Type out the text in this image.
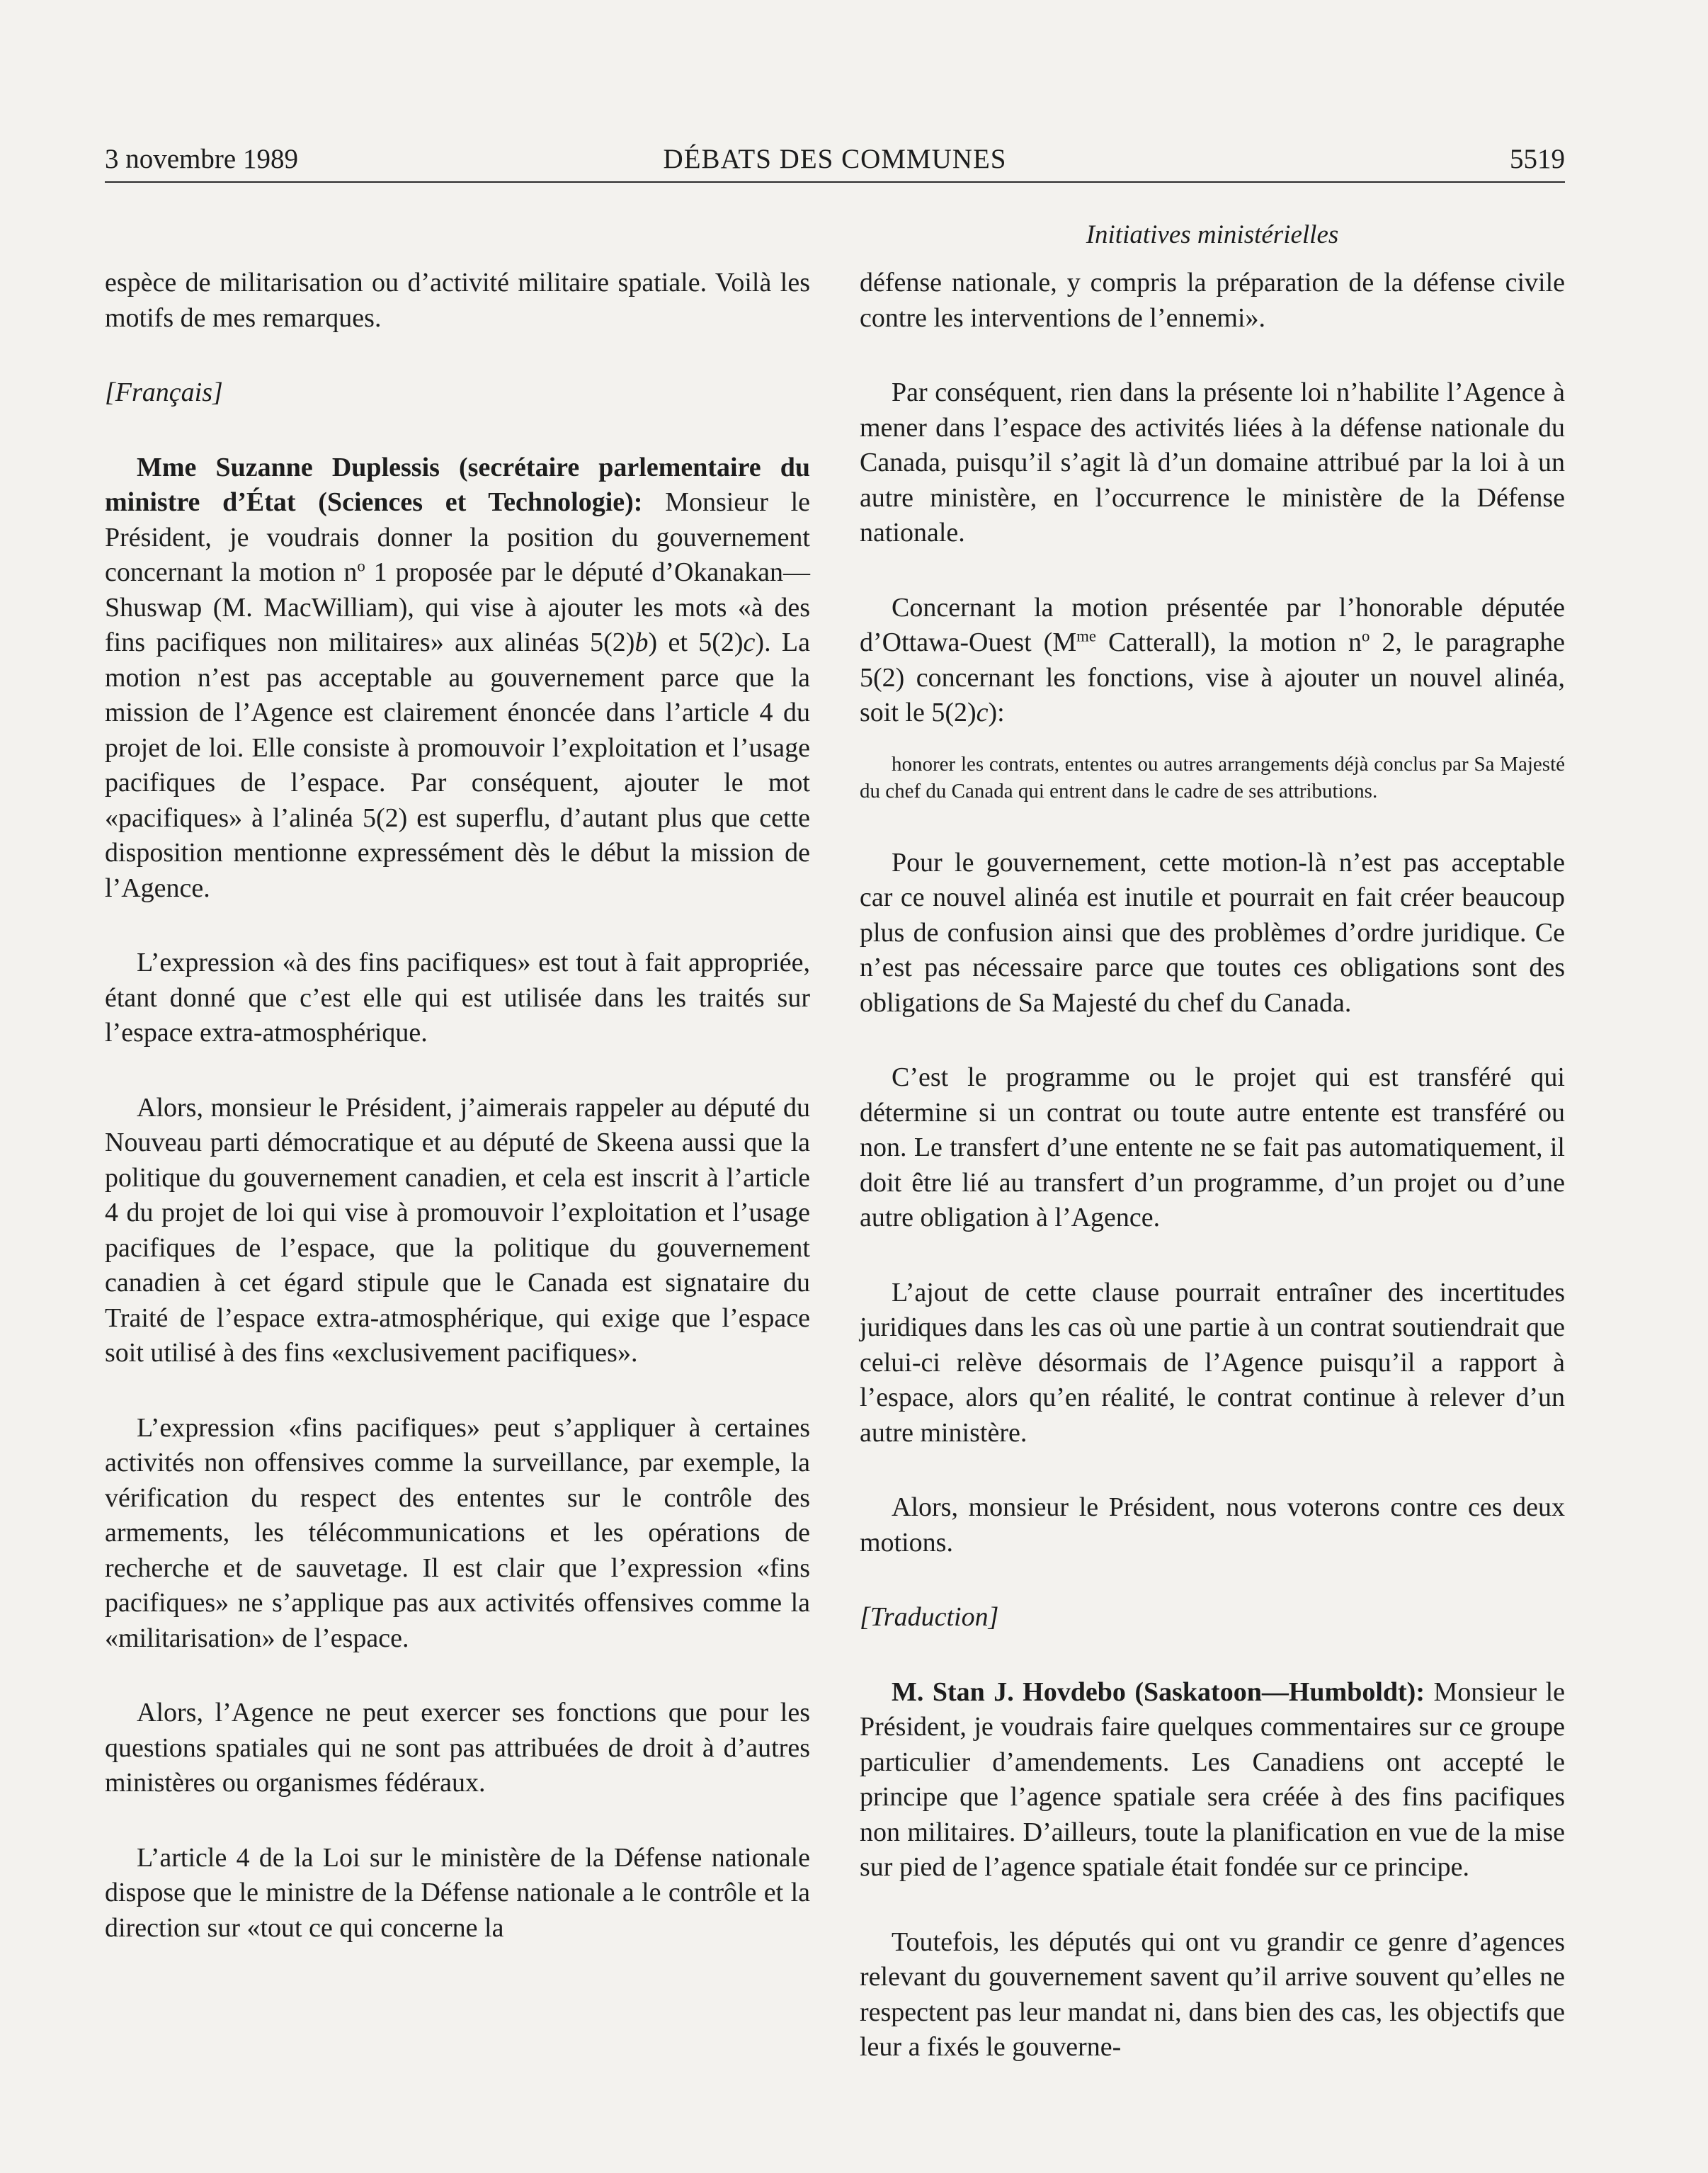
3 novembre 1989	DÉBATS DES COMMUNES	5519
Initiatives ministérielles

espèce de militarisation ou d’activité militaire spatiale. Voilà les motifs de mes remarques.

[Français]

Mme Suzanne Duplessis (secrétaire parlementaire du ministre d’État (Sciences et Technologie): Monsieur le Président, je voudrais donner la position du gouvernement concernant la motion $n^o$ 1 proposée par le député d’Okanakan—Shuswap (M. MacWilliam), qui vise à ajouter les mots «à des fins pacifiques non militaires» aux alinéas 5(2)b) et 5(2)c). La motion n’est pas acceptable au gouvernement parce que la mission de l’Agence est clairement énoncée dans l’article 4 du projet de loi. Elle consiste à promouvoir l’exploitation et l’usage pacifiques de l’espace. Par conséquent, ajouter le mot «pacifiques» à l’alinéa 5(2) est superflu, d’autant plus que cette disposition mentionne expressément dès le début la mission de l’Agence.

L’expression «à des fins pacifiques» est tout à fait appropriée, étant donné que c’est elle qui est utilisée dans les traités sur l’espace extra-atmosphérique.

Alors, monsieur le Président, j’aimerais rappeler au député du Nouveau parti démocratique et au député de Skeena aussi que la politique du gouvernement canadien, et cela est inscrit à l’article 4 du projet de loi qui vise à promouvoir l’exploitation et l’usage pacifiques de l’espace, que la politique du gouvernement canadien à cet égard stipule que le Canada est signataire du Traité de l’espace extra-atmosphérique, qui exige que l’espace soit utilisé à des fins «exclusivement pacifiques».

L’expression «fins pacifiques» peut s’appliquer à certaines activités non offensives comme la surveillance, par exemple, la vérification du respect des ententes sur le contrôle des armements, les télécommunications et les opérations de recherche et de sauvetage. Il est clair que l’expression «fins pacifiques» ne s’applique pas aux activités offensives comme la «militarisation» de l’espace.

Alors, l’Agence ne peut exercer ses fonctions que pour les questions spatiales qui ne sont pas attribuées de droit à d’autres ministères ou organismes fédéraux.

L’article 4 de la Loi sur le ministère de la Défense nationale dispose que le ministre de la Défense nationale a le contrôle et la direction sur «tout ce qui concerne la

défense nationale, y compris la préparation de la défense civile contre les interventions de l’ennemi».

Par conséquent, rien dans la présente loi n’habilite l’Agence à mener dans l’espace des activités liées à la défense nationale du Canada, puisqu’il s’agit là d’un domaine attribué par la loi à un autre ministère, en l’occurrence le ministère de la Défense nationale.

Concernant la motion présentée par l’honorable députée d’Ottawa-Ouest ($M^{me}$ Catterall), la motion $n^o$ 2, le paragraphe 5(2) concernant les fonctions, vise à ajouter un nouvel alinéa, soit le 5(2)c):

honorer les contrats, ententes ou autres arrangements déjà conclus par Sa Majesté du chef du Canada qui entrent dans le cadre de ses attributions.

Pour le gouvernement, cette motion-là n’est pas acceptable car ce nouvel alinéa est inutile et pourrait en fait créer beaucoup plus de confusion ainsi que des problèmes d’ordre juridique. Ce n’est pas nécessaire parce que toutes ces obligations sont des obligations de Sa Majesté du chef du Canada.

C’est le programme ou le projet qui est transféré qui détermine si un contrat ou toute autre entente est transféré ou non. Le transfert d’une entente ne se fait pas automatiquement, il doit être lié au transfert d’un programme, d’un projet ou d’une autre obligation à l’Agence.

L’ajout de cette clause pourrait entraîner des incertitudes juridiques dans les cas où une partie à un contrat soutiendrait que celui-ci relève désormais de l’Agence puisqu’il a rapport à l’espace, alors qu’en réalité, le contrat continue à relever d’un autre ministère.

Alors, monsieur le Président, nous voterons contre ces deux motions.

[Traduction]

M. Stan J. Hovdebo (Saskatoon—Humboldt): Monsieur le Président, je voudrais faire quelques commentaires sur ce groupe particulier d’amendements. Les Canadiens ont accepté le principe que l’agence spatiale sera créée à des fins pacifiques non militaires. D’ailleurs, toute la planification en vue de la mise sur pied de l’agence spatiale était fondée sur ce principe.

Toutefois, les députés qui ont vu grandir ce genre d’agences relevant du gouvernement savent qu’il arrive souvent qu’elles ne respectent pas leur mandat ni, dans bien des cas, les objectifs que leur a fixés le gouverne-
